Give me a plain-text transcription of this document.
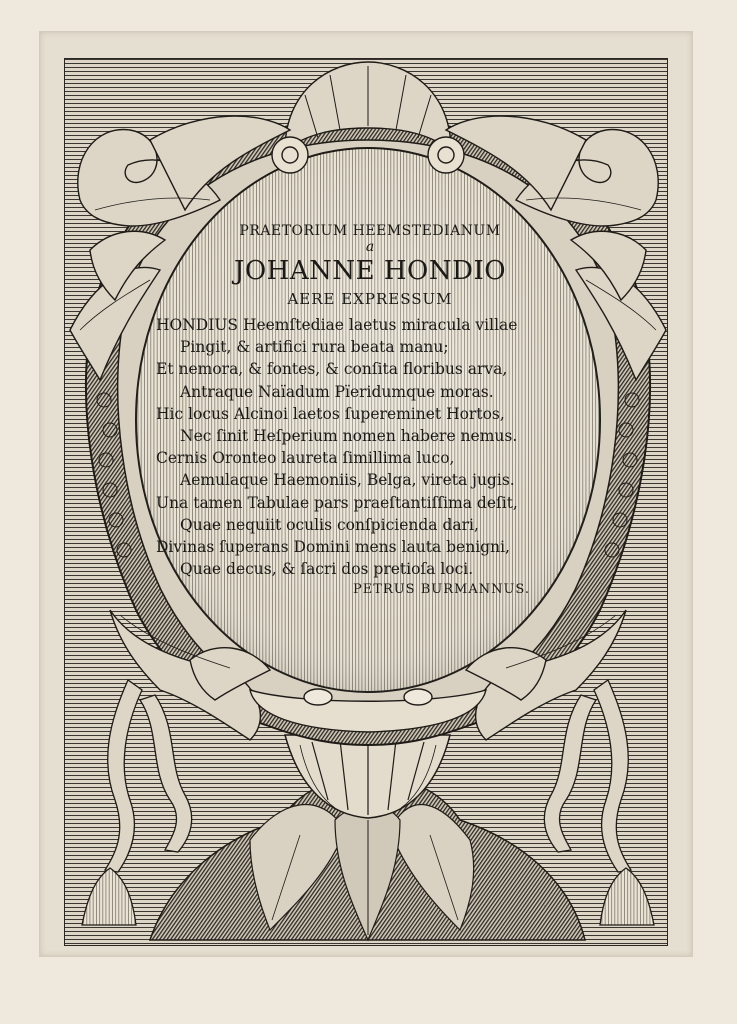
PRAETORIUM HEEMSTEDIANUM
a
JOHANNE HONDIO
AERE EXPRESSUM
HONDIUS Heemſtediae laetus miracula villae
Pingit, & artifici rura beata manu;
Et nemora, & fontes, & conſita floribus arva,
Antraque Naïadum Pïeridumque moras.
Hic locus Alcinoi laetos ſupereminet Hortos,
Nec ſinit Heſperium nomen habere nemus.
Cernis Oronteo laureta ſimillima luco,
Aemulaque Haemoniis, Belga, vireta jugis.
Una tamen Tabulae pars praeſtantiſſima deſit,
Quae nequiit oculis conſpicienda dari,
Divinas ſuperans Domini mens lauta benigni,
Quae decus, & ſacri dos pretioſa loci.
PETRUS BURMANNUS.
